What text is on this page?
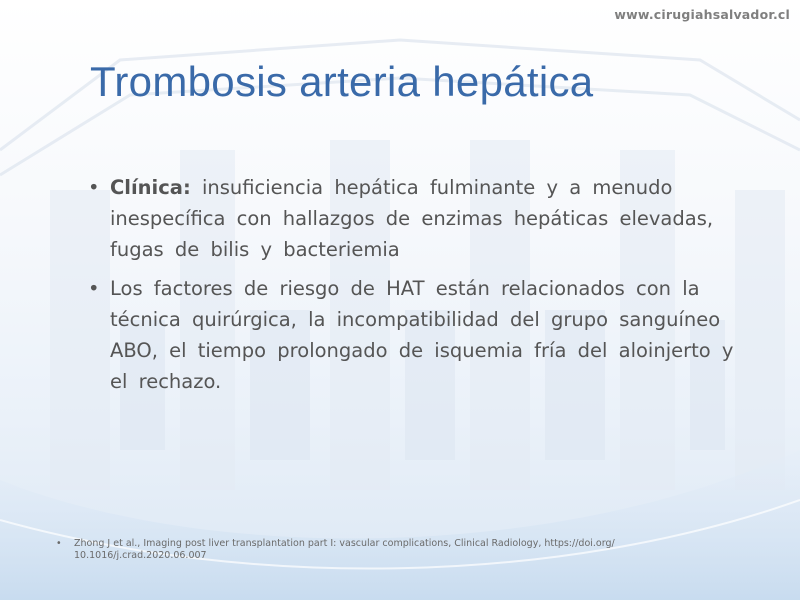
www.cirugiahsalvador.cl
Trombosis arteria hepática
• Clínica: insuficiencia hepática fulminante y a menudo inespecífica con hallazgos de enzimas hepáticas elevadas, fugas de bilis y bacteriemia
• Los factores de riesgo de HAT están relacionados con la técnica quirúrgica, la incompatibilidad del grupo sanguíneo ABO, el tiempo prolongado de isquemia fría del aloinjerto y el rechazo.
• Zhong J et al., Imaging post liver transplantation part I: vascular complications, Clinical Radiology, https://doi.org/ 10.1016/j.crad.2020.06.007
